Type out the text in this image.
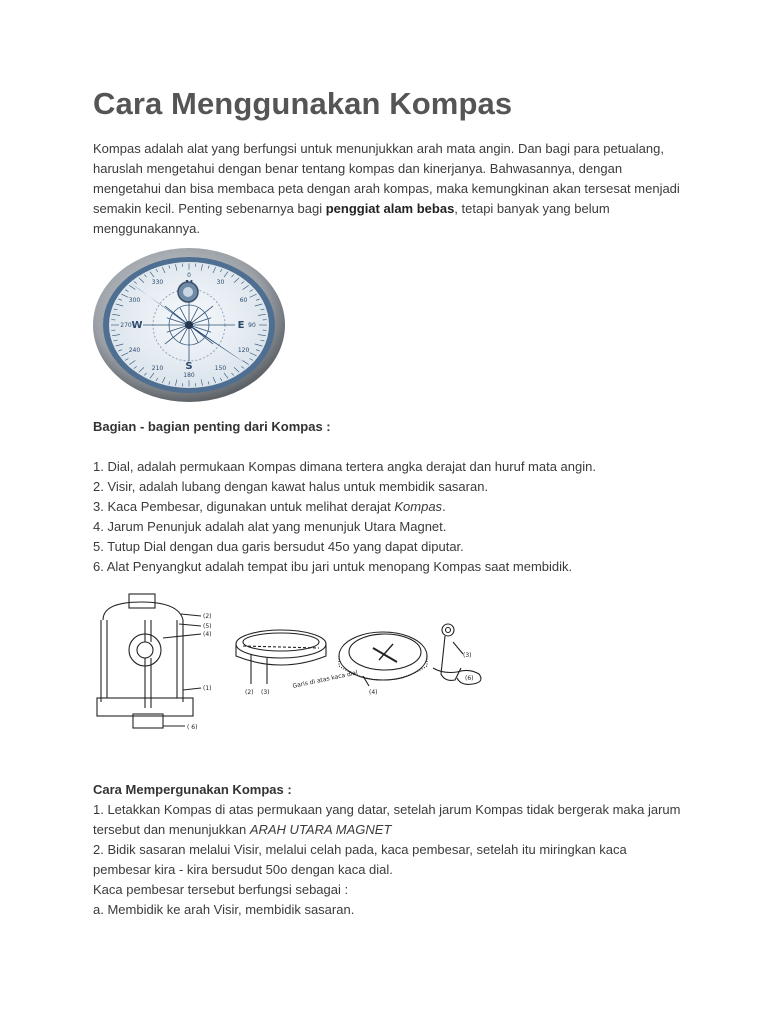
Cara Menggunakan Kompas

Kompas adalah alat yang berfungsi untuk menunjukkan arah mata angin. Dan bagi para petualang, haruslah mengetahui dengan benar tentang kompas dan kinerjanya. Bahwasannya, dengan mengetahui dan bisa membaca peta dengan arah kompas, maka kemungkinan akan tersesat menjadi semakin kecil. Penting sebenarnya bagi penggiat alam bebas, tetapi banyak yang belum menggunakannya.

0
30
60
90
120
150
180
210
240
270
300
330
E
S
W

Bagian - bagian penting dari Kompas :

1. Dial, adalah permukaan Kompas dimana tertera angka derajat dan huruf mata angin.
2. Visir, adalah lubang dengan kawat halus untuk membidik sasaran.
3. Kaca Pembesar, digunakan untuk melihat derajat Kompas.
4. Jarum Penunjuk adalah alat yang menunjuk Utara Magnet.
5. Tutup Dial dengan dua garis bersudut 45o yang dapat diputar.
6. Alat Penyangkut adalah tempat ibu jari untuk menopang Kompas saat membidik.
(2)
(5)
(4)
(1)
( 6)
(2) (3)
Garis di atas kaca dial
(4)
(3)
(6)
Cara Mempergunakan Kompas :
1. Letakkan Kompas di atas permukaan yang datar, setelah jarum Kompas tidak bergerak maka jarum tersebut dan menunjukkan ARAH UTARA MAGNET
2. Bidik sasaran melalui Visir, melalui celah pada, kaca pembesar, setelah itu miringkan kaca pembesar kira - kira bersudut 50o dengan kaca dial.
Kaca pembesar tersebut berfungsi sebagai :
a. Membidik ke arah Visir, membidik sasaran.
